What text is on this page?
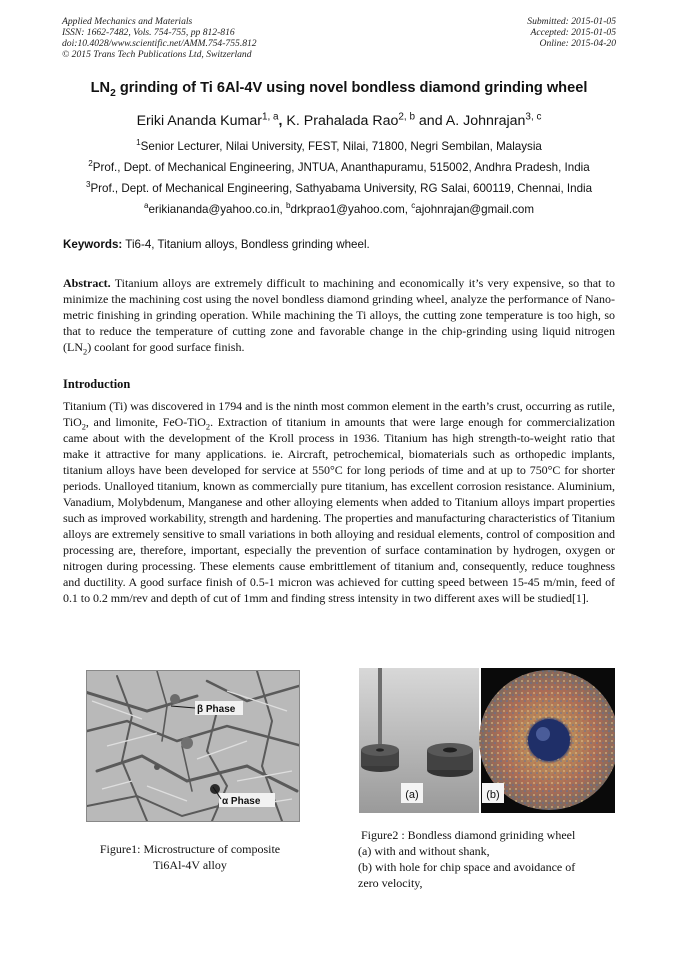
Applied Mechanics and Materials
ISSN: 1662-7482, Vols. 754-755, pp 812-816
doi:10.4028/www.scientific.net/AMM.754-755.812
© 2015 Trans Tech Publications Ltd, Switzerland
Submitted: 2015-01-05
Accepted: 2015-01-05
Online: 2015-04-20
$LN_2$ grinding of Ti 6Al-4V using novel bondless diamond grinding wheel
Eriki Ananda Kumar$^{1, a}$, K. Prahalada Rao$^{2, b}$ and A. Johnrajan$^{3, c}$
$^1$Senior Lecturer, Nilai University, FEST, Nilai, 71800, Negri Sembilan, Malaysia
$^2$Prof., Dept. of Mechanical Engineering, JNTUA, Ananthapuramu, 515002, Andhra Pradesh, India
$^3$Prof., Dept. of Mechanical Engineering, Sathyabama University, RG Salai, 600119, Chennai, India
$^a$erikiananda@yahoo.co.in, $^b$drkprao1@yahoo.com, $^c$ajohnrajan@gmail.com
Keywords: Ti6-4, Titanium alloys, Bondless grinding wheel.
Abstract. Titanium alloys are extremely difficult to machining and economically it’s very expensive, so that to minimize the machining cost using the novel bondless diamond grinding wheel, analyze the performance of Nano-metric finishing in grinding operation. While machining the Ti alloys, the cutting zone temperature is too high, so that to reduce the temperature of cutting zone and favorable change in the chip-grinding using liquid nitrogen $(LN_2)$ coolant for good surface finish.
Introduction
Titanium (Ti) was discovered in 1794 and is the ninth most common element in the earth’s crust, occurring as rutile, TiO$_2$, and limonite, FeO-TiO$_2$. Extraction of titanium in amounts that were large enough for commercialization came about with the development of the Kroll process in 1936. Titanium has high strength-to-weight ratio that make it attractive for many applications. ie. Aircraft, petrochemical, biomaterials such as orthopedic implants, titanium alloys have been developed for service at 550°C for long periods of time and at up to 750°C for shorter periods. Unalloyed titanium, known as commercially pure titanium, has excellent corrosion resistance. Aluminium, Vanadium, Molybdenum, Manganese and other alloying elements when added to Titanium alloys impart properties such as improved workability, strength and hardening. The properties and manufacturing characteristics of Titanium alloys are extremely sensitive to small variations in both alloying and residual elements, control of composition and processing are, therefore, important, especially the prevention of surface contamination by hydrogen, oxygen or nitrogen during processing. These elements cause embrittlement of titanium and, consequently, reduce toughness and ductility. A good surface finish of 0.5-1 micron was achieved for cutting speed between 15-45 m/min, feed of 0.1 to 0.2 mm/rev and depth of cut of 1mm and finding stress intensity in two different axes will be studied[1].
β Phase
α Phase
Figure1: Microstructure of composite
Ti6Al-4V alloy
(a)	(b)
Figure2 : Bondless diamond griniding wheel
(a) with and without shank,
(b) with hole for chip space and avoidance of
zero velocity,
